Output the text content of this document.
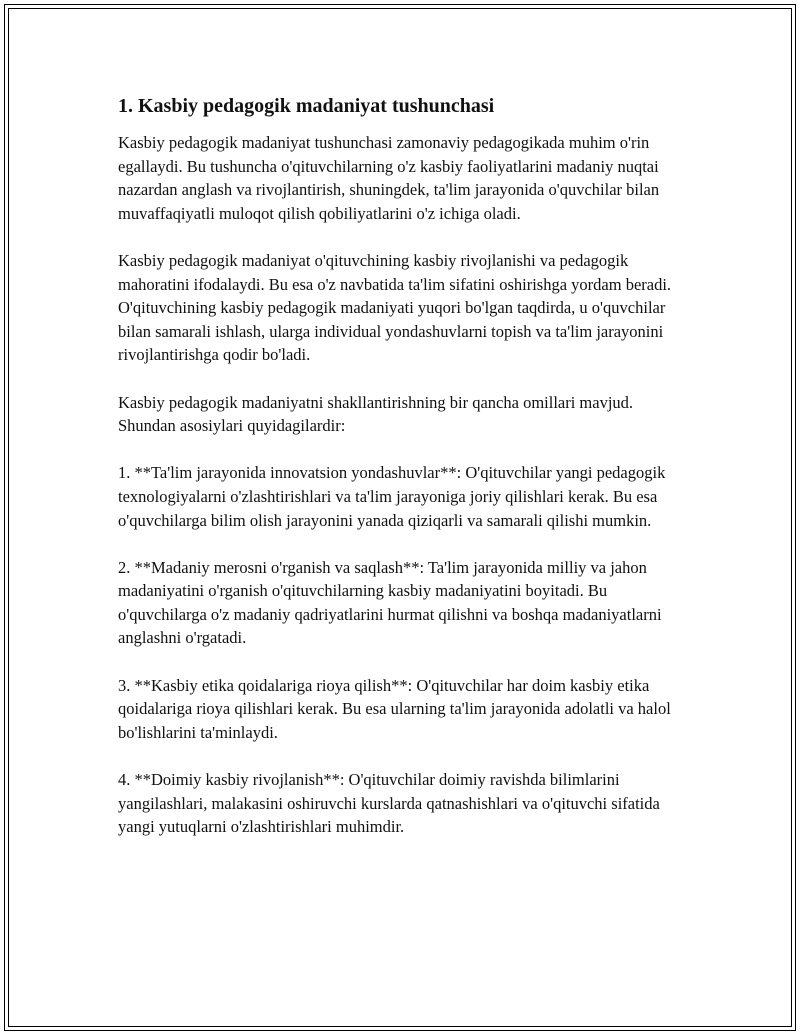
1. Kasbiy pedagogik madaniyat tushunchasi

Kasbiy pedagogik madaniyat tushunchasi zamonaviy pedagogikada muhim o'rin egallaydi. Bu tushuncha o'qituvchilarning o'z kasbiy faoliyatlarini madaniy nuqtai nazardan anglash va rivojlantirish, shuningdek, ta'lim jarayonida o'quvchilar bilan muvaffaqiyatli muloqot qilish qobiliyatlarini o'z ichiga oladi.

Kasbiy pedagogik madaniyat o'qituvchining kasbiy rivojlanishi va pedagogik mahoratini ifodalaydi. Bu esa o'z navbatida ta'lim sifatini oshirishga yordam beradi. O'qituvchining kasbiy pedagogik madaniyati yuqori bo'lgan taqdirda, u o'quvchilar bilan samarali ishlash, ularga individual yondashuvlarni topish va ta'lim jarayonini rivojlantirishga qodir bo'ladi.

Kasbiy pedagogik madaniyatni shakllantirishning bir qancha omillari mavjud. Shundan asosiylari quyidagilardir:

1. **Ta'lim jarayonida innovatsion yondashuvlar**: O'qituvchilar yangi pedagogik texnologiyalarni o'zlashtirishlari va ta'lim jarayoniga joriy qilishlari kerak. Bu esa o'quvchilarga bilim olish jarayonini yanada qiziqarli va samarali qilishi mumkin.

2. **Madaniy merosni o'rganish va saqlash**: Ta'lim jarayonida milliy va jahon madaniyatini o'rganish o'qituvchilarning kasbiy madaniyatini boyitadi. Bu o'quvchilarga o'z madaniy qadriyatlarini hurmat qilishni va boshqa madaniyatlarni anglashni o'rgatadi.

3. **Kasbiy etika qoidalariga rioya qilish**: O'qituvchilar har doim kasbiy etika qoidalariga rioya qilishlari kerak. Bu esa ularning ta'lim jarayonida adolatli va halol bo'lishlarini ta'minlaydi.

4. **Doimiy kasbiy rivojlanish**: O'qituvchilar doimiy ravishda bilimlarini yangilashlari, malakasini oshiruvchi kurslarda qatnashishlari va o'qituvchi sifatida yangi yutuqlarni o'zlashtirishlari muhimdir.
